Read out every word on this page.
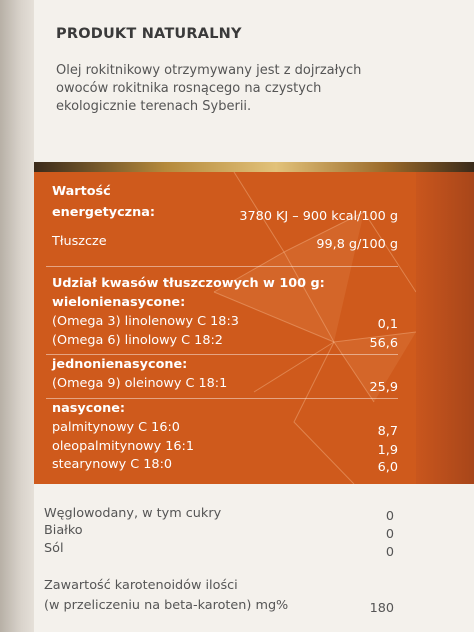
PRODUKT NATURALNY
Olej rokitnikowy otrzymywany jest z dojrzałych owoców rokitnika rosnącego na czystych ekologicznie terenach Syberii.
Wartość
energetyczna:	3780 KJ – 900 kcal/100 g
Tłuszcze	99,8 g/100 g
Udział kwasów tłuszczowych w 100 g:
wielonienasycone:
(Omega 3) linolenowy C 18:3	0,1
(Omega 6) linolowy C 18:2	56,6
jednonienasycone:
(Omega 9) oleinowy C 18:1	25,9
nasycone:
palmitynowy C 16:0	8,7
oleopalmitynowy 16:1	1,9
stearynowy C 18:0	6,0
Węglowodany, w tym cukry	0
Białko	0
Sól	0
Zawartość karotenoidów ilości
(w przeliczeniu na beta-karoten) mg%	180
